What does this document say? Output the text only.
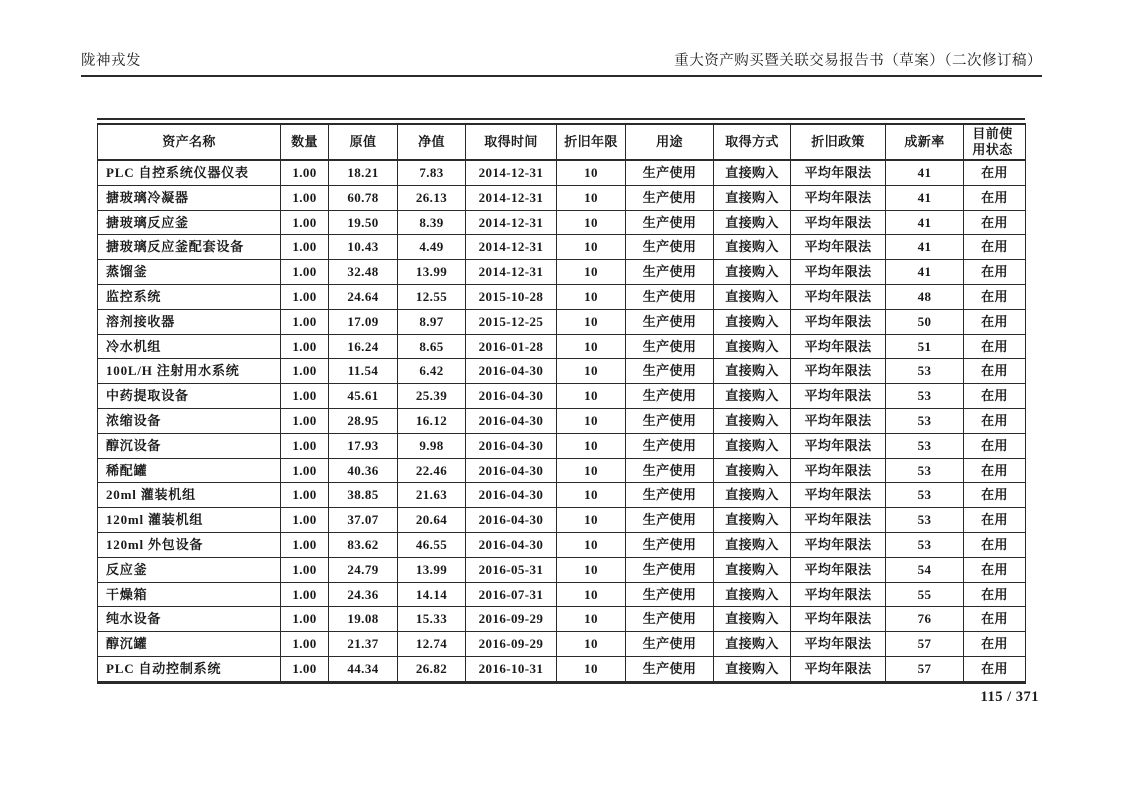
陇神戎发	重大资产购买暨关联交易报告书（草案）（二次修订稿）
资产名称	数量	原值	净值	取得时间	折旧年限	用途	取得方式	折旧政策	成新率	目前使用状态
PLC 自控系统仪器仪表	1.00	18.21	7.83	2014-12-31	10	生产使用	直接购入	平均年限法	41	在用
搪玻璃冷凝器	1.00	60.78	26.13	2014-12-31	10	生产使用	直接购入	平均年限法	41	在用
搪玻璃反应釜	1.00	19.50	8.39	2014-12-31	10	生产使用	直接购入	平均年限法	41	在用
搪玻璃反应釜配套设备	1.00	10.43	4.49	2014-12-31	10	生产使用	直接购入	平均年限法	41	在用
蒸馏釜	1.00	32.48	13.99	2014-12-31	10	生产使用	直接购入	平均年限法	41	在用
监控系统	1.00	24.64	12.55	2015-10-28	10	生产使用	直接购入	平均年限法	48	在用
溶剂接收器	1.00	17.09	8.97	2015-12-25	10	生产使用	直接购入	平均年限法	50	在用
冷水机组	1.00	16.24	8.65	2016-01-28	10	生产使用	直接购入	平均年限法	51	在用
100L/H 注射用水系统	1.00	11.54	6.42	2016-04-30	10	生产使用	直接购入	平均年限法	53	在用
中药提取设备	1.00	45.61	25.39	2016-04-30	10	生产使用	直接购入	平均年限法	53	在用
浓缩设备	1.00	28.95	16.12	2016-04-30	10	生产使用	直接购入	平均年限法	53	在用
醇沉设备	1.00	17.93	9.98	2016-04-30	10	生产使用	直接购入	平均年限法	53	在用
稀配罐	1.00	40.36	22.46	2016-04-30	10	生产使用	直接购入	平均年限法	53	在用
20ml 灌装机组	1.00	38.85	21.63	2016-04-30	10	生产使用	直接购入	平均年限法	53	在用
120ml 灌装机组	1.00	37.07	20.64	2016-04-30	10	生产使用	直接购入	平均年限法	53	在用
120ml 外包设备	1.00	83.62	46.55	2016-04-30	10	生产使用	直接购入	平均年限法	53	在用
反应釜	1.00	24.79	13.99	2016-05-31	10	生产使用	直接购入	平均年限法	54	在用
干燥箱	1.00	24.36	14.14	2016-07-31	10	生产使用	直接购入	平均年限法	55	在用
纯水设备	1.00	19.08	15.33	2016-09-29	10	生产使用	直接购入	平均年限法	76	在用
醇沉罐	1.00	21.37	12.74	2016-09-29	10	生产使用	直接购入	平均年限法	57	在用
PLC 自动控制系统	1.00	44.34	26.82	2016-10-31	10	生产使用	直接购入	平均年限法	57	在用
115 / 371
